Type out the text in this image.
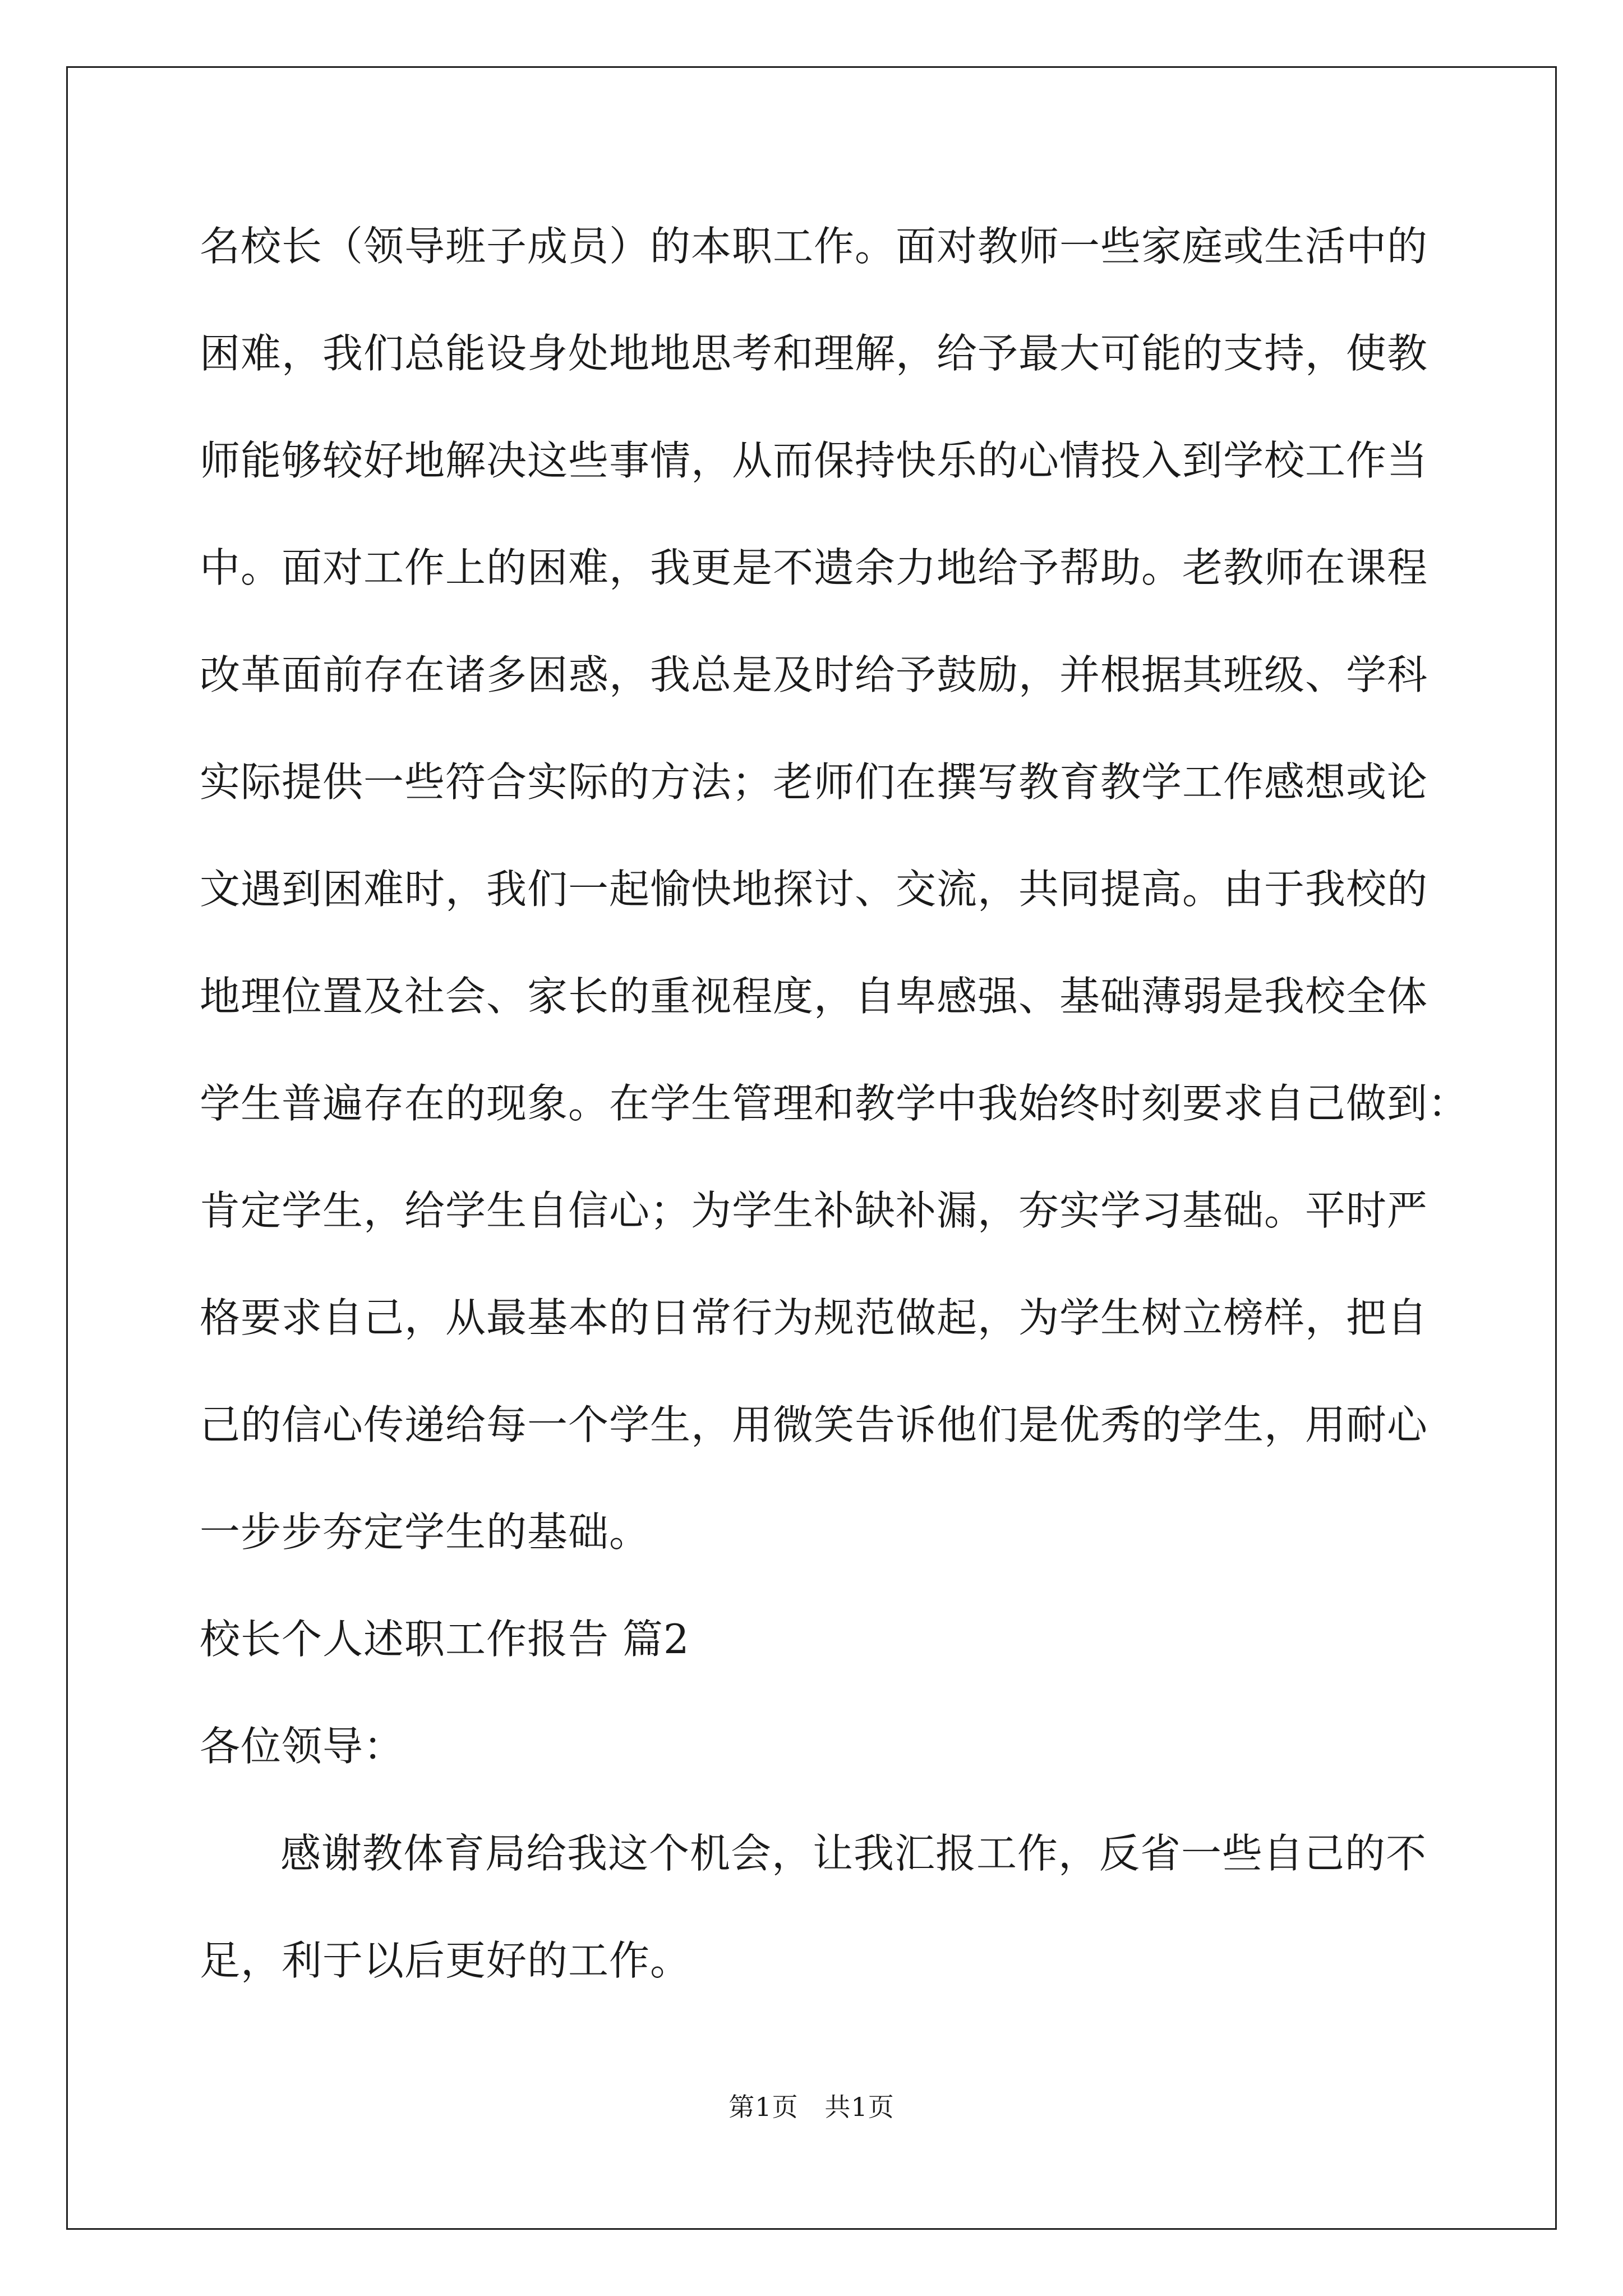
名校长（领导班子成员）的本职工作。面对教师一些家庭或生活中的
困难，我们总能设身处地地思考和理解，给予最大可能的支持，使教
师能够较好地解决这些事情，从而保持快乐的心情投入到学校工作当
中。面对工作上的困难，我更是不遗余力地给予帮助。老教师在课程
改革面前存在诸多困惑，我总是及时给予鼓励，并根据其班级、学科
实际提供一些符合实际的方法；老师们在撰写教育教学工作感想或论
文遇到困难时，我们一起愉快地探讨、交流，共同提高。由于我校的
地理位置及社会、家长的重视程度，自卑感强、基础薄弱是我校全体
学生普遍存在的现象。在学生管理和教学中我始终时刻要求自己做到：
肯定学生，给学生自信心；为学生补缺补漏，夯实学习基础。平时严
格要求自己，从最基本的日常行为规范做起，为学生树立榜样，把自
己的信心传递给每一个学生，用微笑告诉他们是优秀的学生，用耐心
一步步夯定学生的基础。
校长个人述职工作报告 篇2
各位领导：
感谢教体育局给我这个机会，让我汇报工作，反省一些自己的不
足，利于以后更好的工作。
第1页   共1页
